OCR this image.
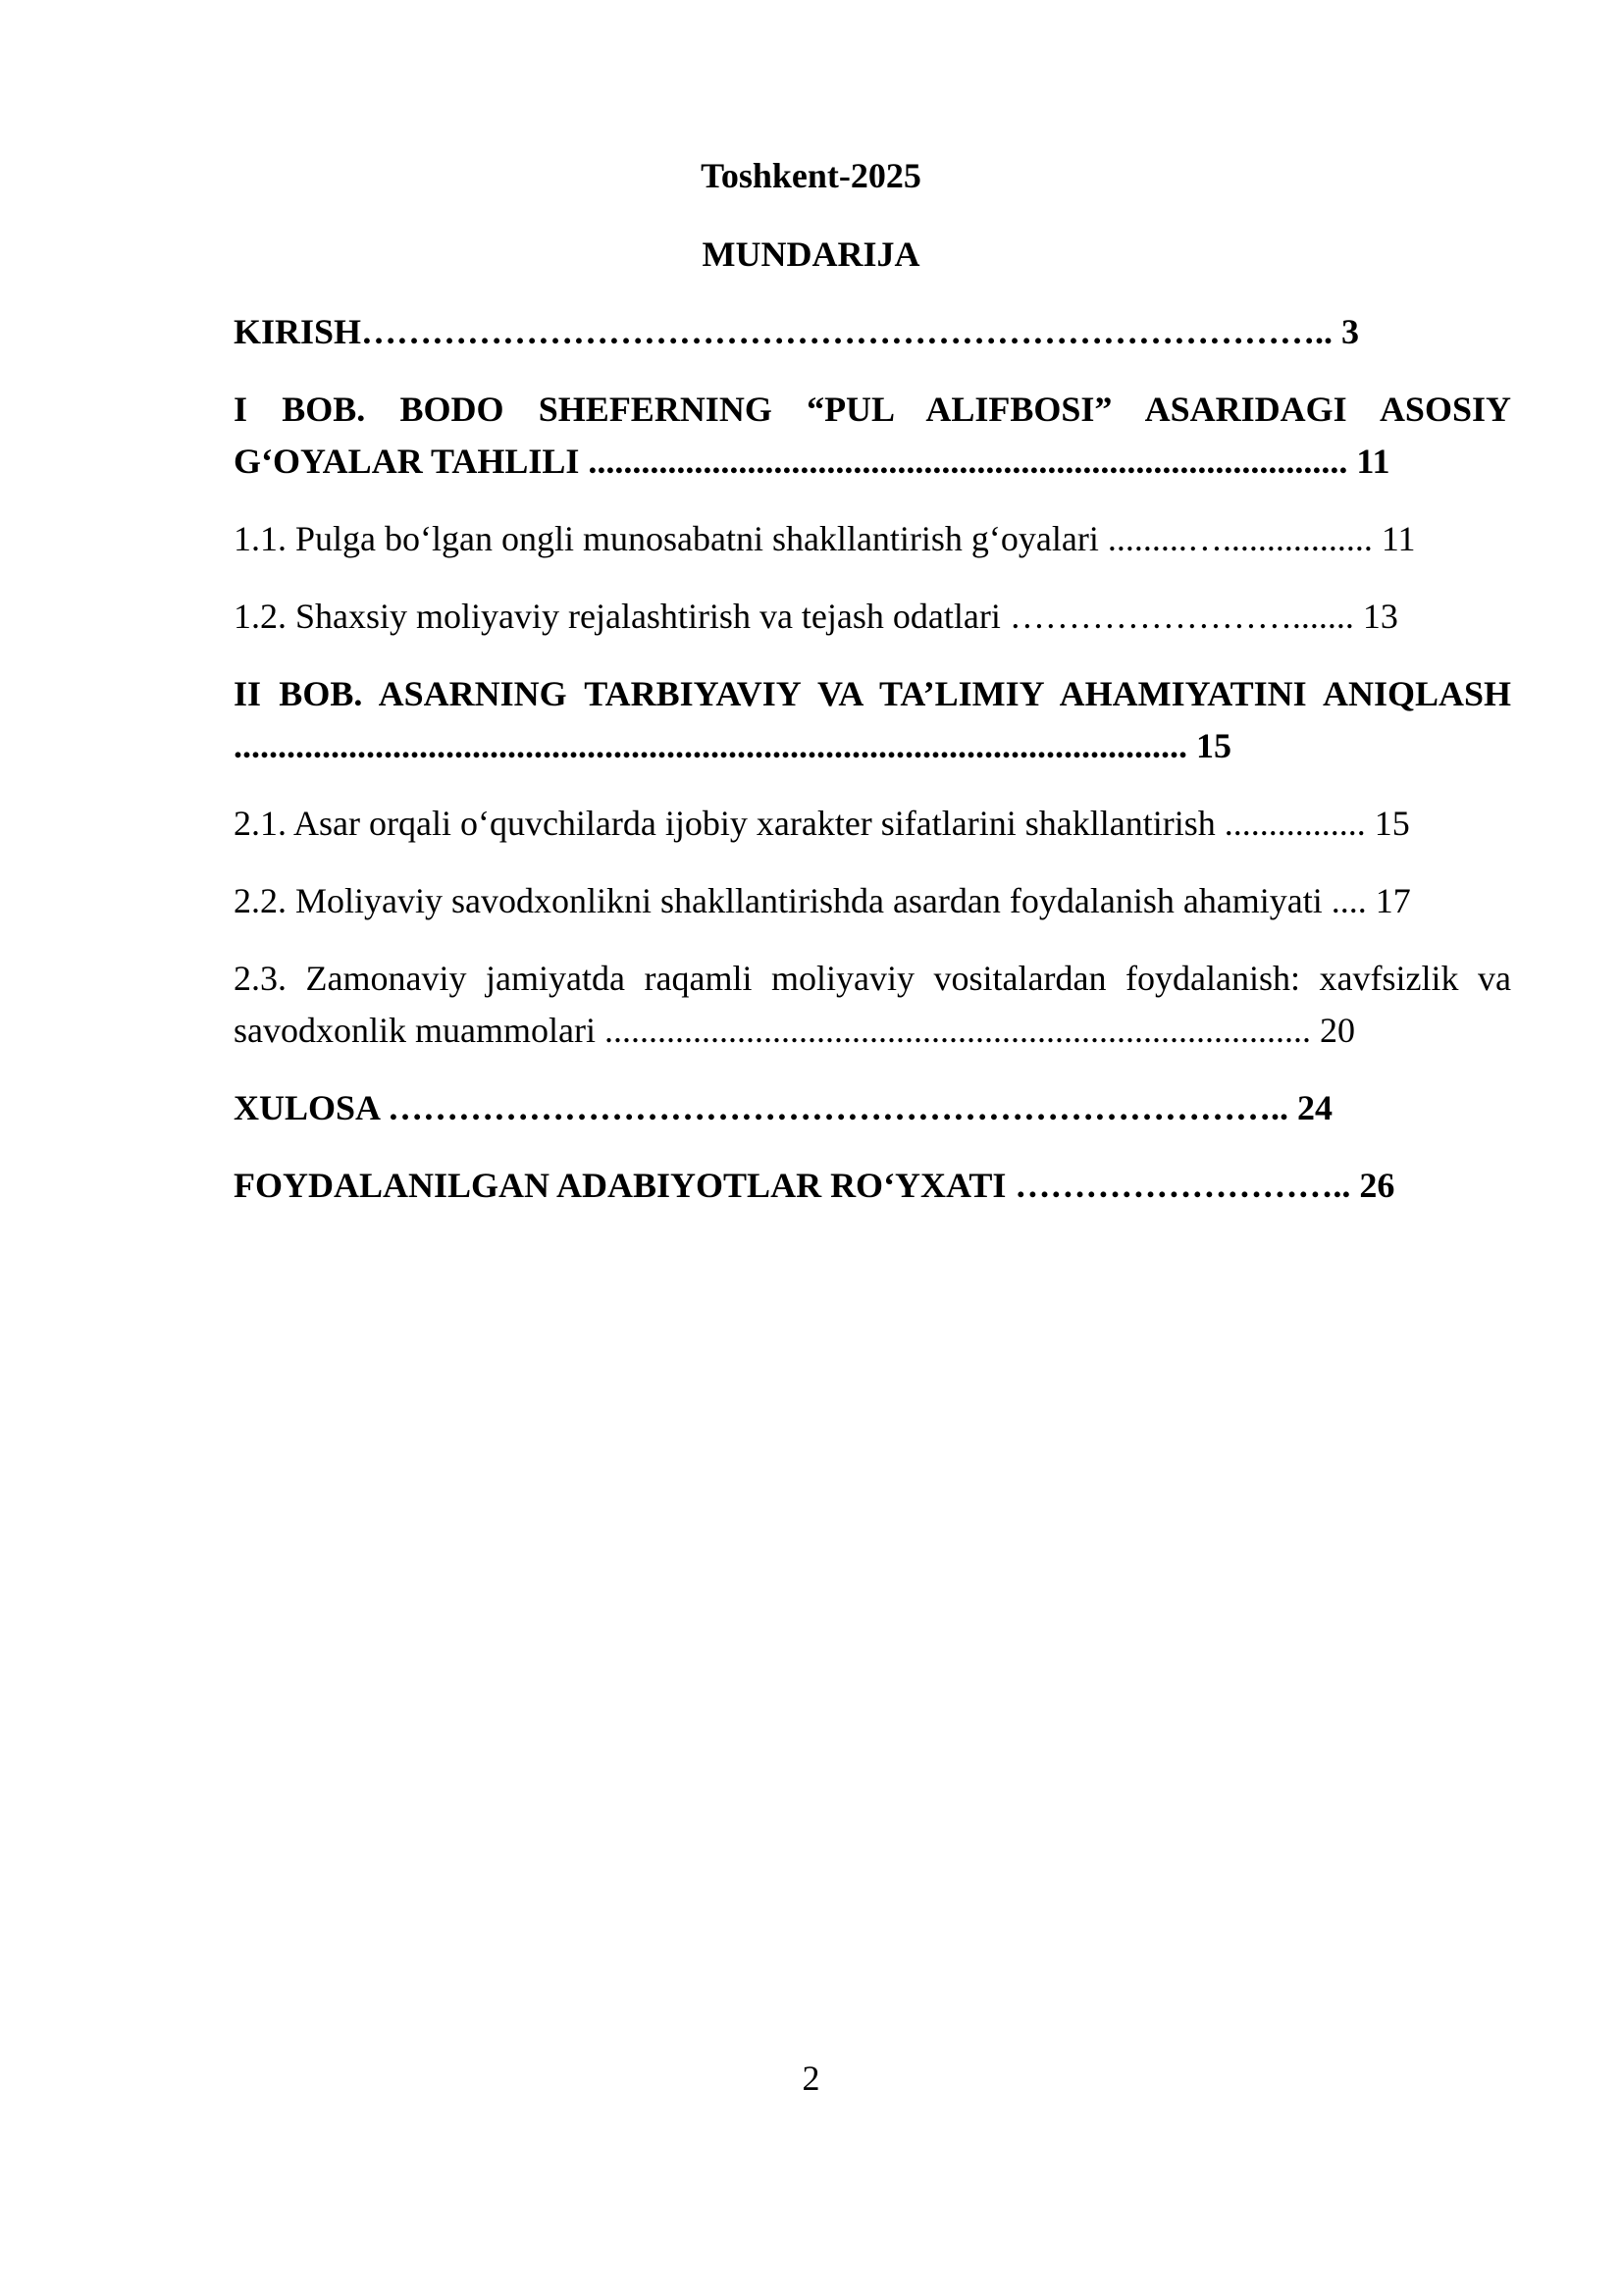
Toshkent-2025

MUNDARIJA

KIRISH……………………………………………………………………….. 3

I BOB. BODO SHEFERNING “PUL ALIFBOSI” ASARIDAGI ASOSIY G‘OYALAR TAHLILI ...................................................................................... 11

1.1. Pulga bo‘lgan ongli munosabatni shakllantirish g‘oyalari .........…................. 11

1.2. Shaxsiy moliyaviy rejalashtirish va tejash odatlari ……………………....... 13

II BOB. ASARNING TARBIYAVIY VA TA’LIMIY AHAMIYATINI ANIQLASH ............................................................................................................ 15

2.1. Asar orqali o‘quvchilarda ijobiy xarakter sifatlarini shakllantirish ................ 15

2.2. Moliyaviy savodxonlikni shakllantirishda asardan foydalanish ahamiyati .... 17

2.3. Zamonaviy jamiyatda raqamli moliyaviy vositalardan foydalanish: xavfsizlik va savodxonlik muammolari ................................................................................ 20

XULOSA ………………………………………………………………….. 24

FOYDALANILGAN ADABIYOTLAR RO‘YXATI ……………………….. 26

2
